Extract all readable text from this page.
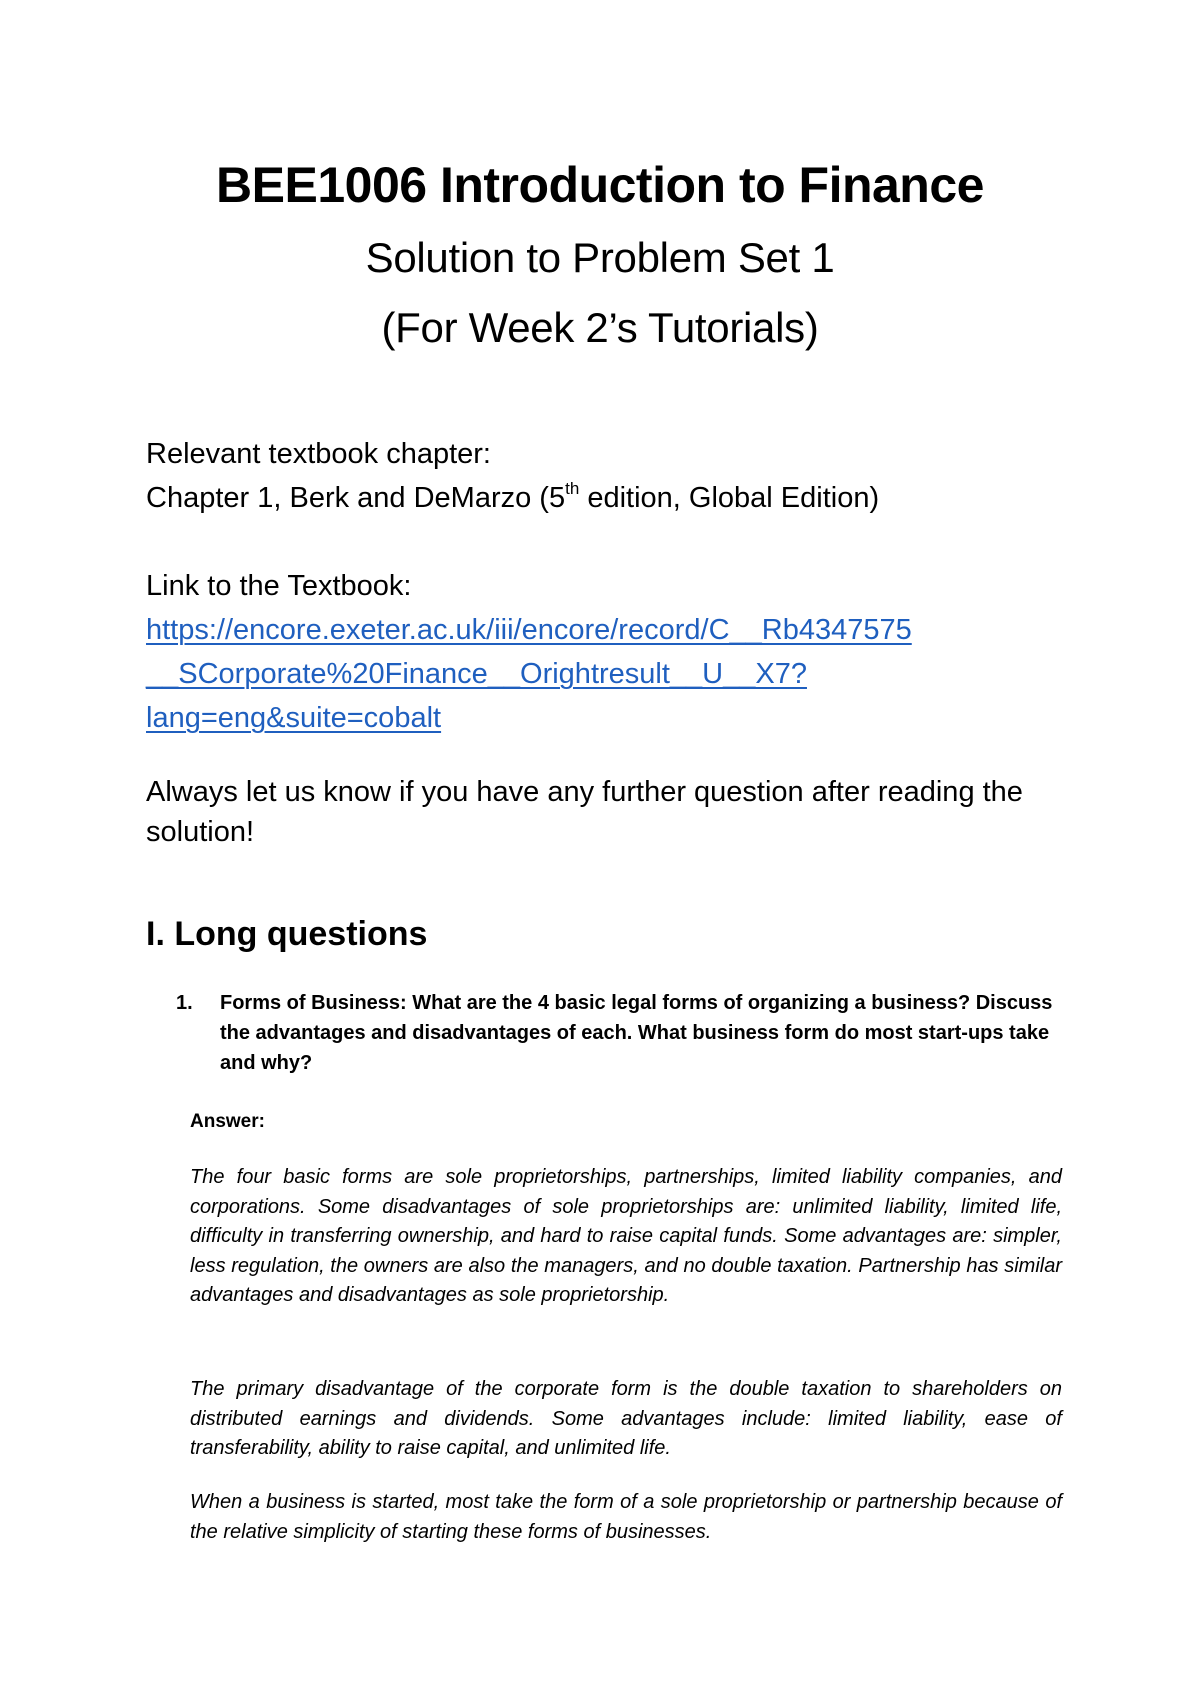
BEE1006 Introduction to Finance
Solution to Problem Set 1
(For Week 2’s Tutorials)
Relevant textbook chapter:
Chapter 1, Berk and DeMarzo (5th edition, Global Edition)
Link to the Textbook:
https://encore.exeter.ac.uk/iii/encore/record/C__Rb4347575
__SCorporate%20Finance__Orightresult__U__X7?
lang=eng&suite=cobalt
Always let us know if you have any further question after reading the
solution!
I. Long questions
1. Forms of Business: What are the 4 basic legal forms of organizing a business? Discuss the advantages and disadvantages of each. What business form do most start-ups take and why?
Answer:
The four basic forms are sole proprietorships, partnerships, limited liability companies, and corporations. Some disadvantages of sole proprietorships are: unlimited liability, limited life, difficulty in transferring ownership, and hard to raise capital funds. Some advantages are: simpler, less regulation, the owners are also the managers, and no double taxation. Partnership has similar advantages and disadvantages as sole proprietorship.
The primary disadvantage of the corporate form is the double taxation to shareholders on distributed earnings and dividends. Some advantages include: limited liability, ease of transferability, ability to raise capital, and unlimited life.
When a business is started, most take the form of a sole proprietorship or partnership because of the relative simplicity of starting these forms of businesses.
